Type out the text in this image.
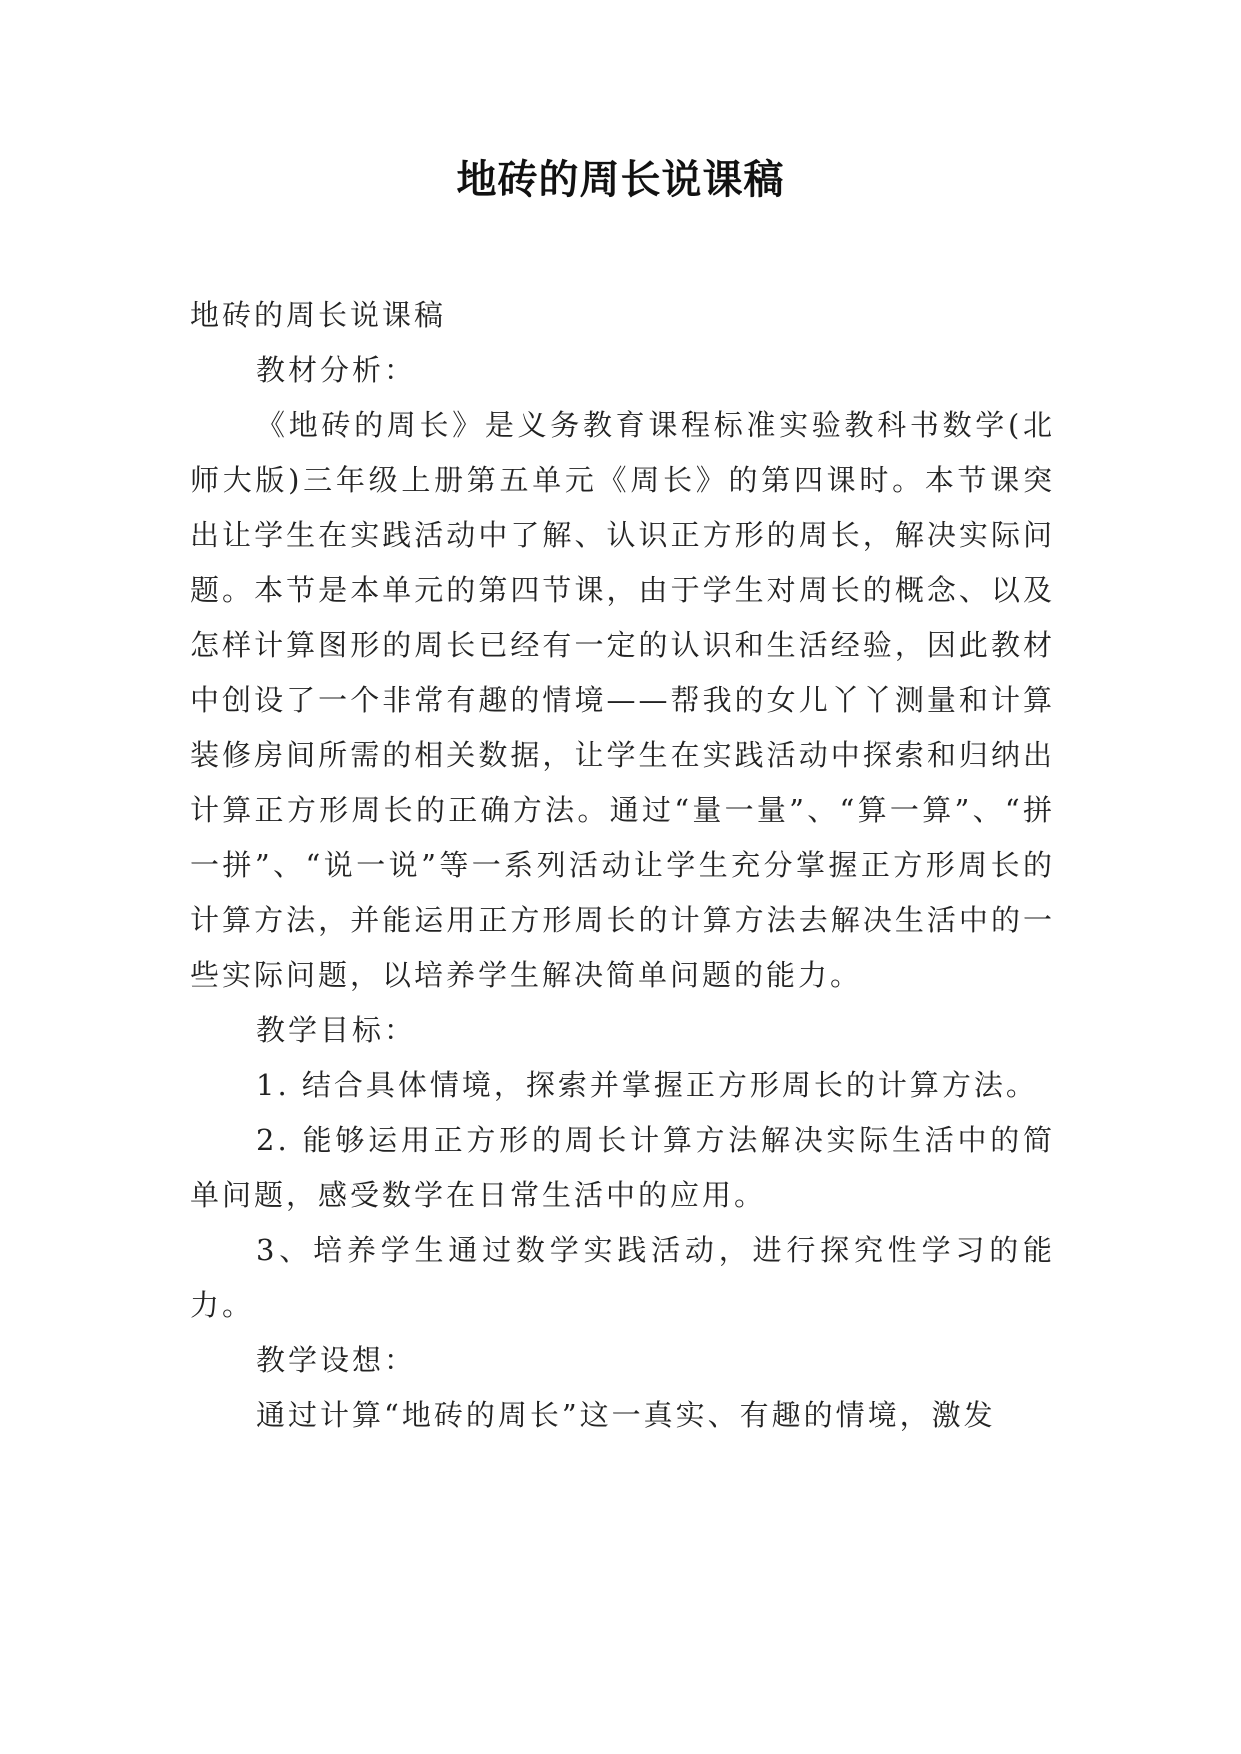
地砖的周长说课稿

地砖的周长说课稿

教材分析：

《地砖的周长》是义务教育课程标准实验教科书数学(北师大版)三年级上册第五单元《周长》的第四课时。本节课突出让学生在实践活动中了解、认识正方形的周长，解决实际问题。本节是本单元的第四节课，由于学生对周长的概念、以及怎样计算图形的周长已经有一定的认识和生活经验，因此教材中创设了一个非常有趣的情境——帮我的女儿丫丫测量和计算装修房间所需的相关数据，让学生在实践活动中探索和归纳出计算正方形周长的正确方法。通过“量一量”、“算一算”、“拼一拼”、“说一说”等一系列活动让学生充分掌握正方形周长的计算方法，并能运用正方形周长的计算方法去解决生活中的一些实际问题，以培养学生解决简单问题的能力。

教学目标：

1. 结合具体情境，探索并掌握正方形周长的计算方法。

2. 能够运用正方形的周长计算方法解决实际生活中的简单问题，感受数学在日常生活中的应用。

3、培养学生通过数学实践活动，进行探究性学习的能力。

教学设想：

通过计算“地砖的周长”这一真实、有趣的情境，激发
